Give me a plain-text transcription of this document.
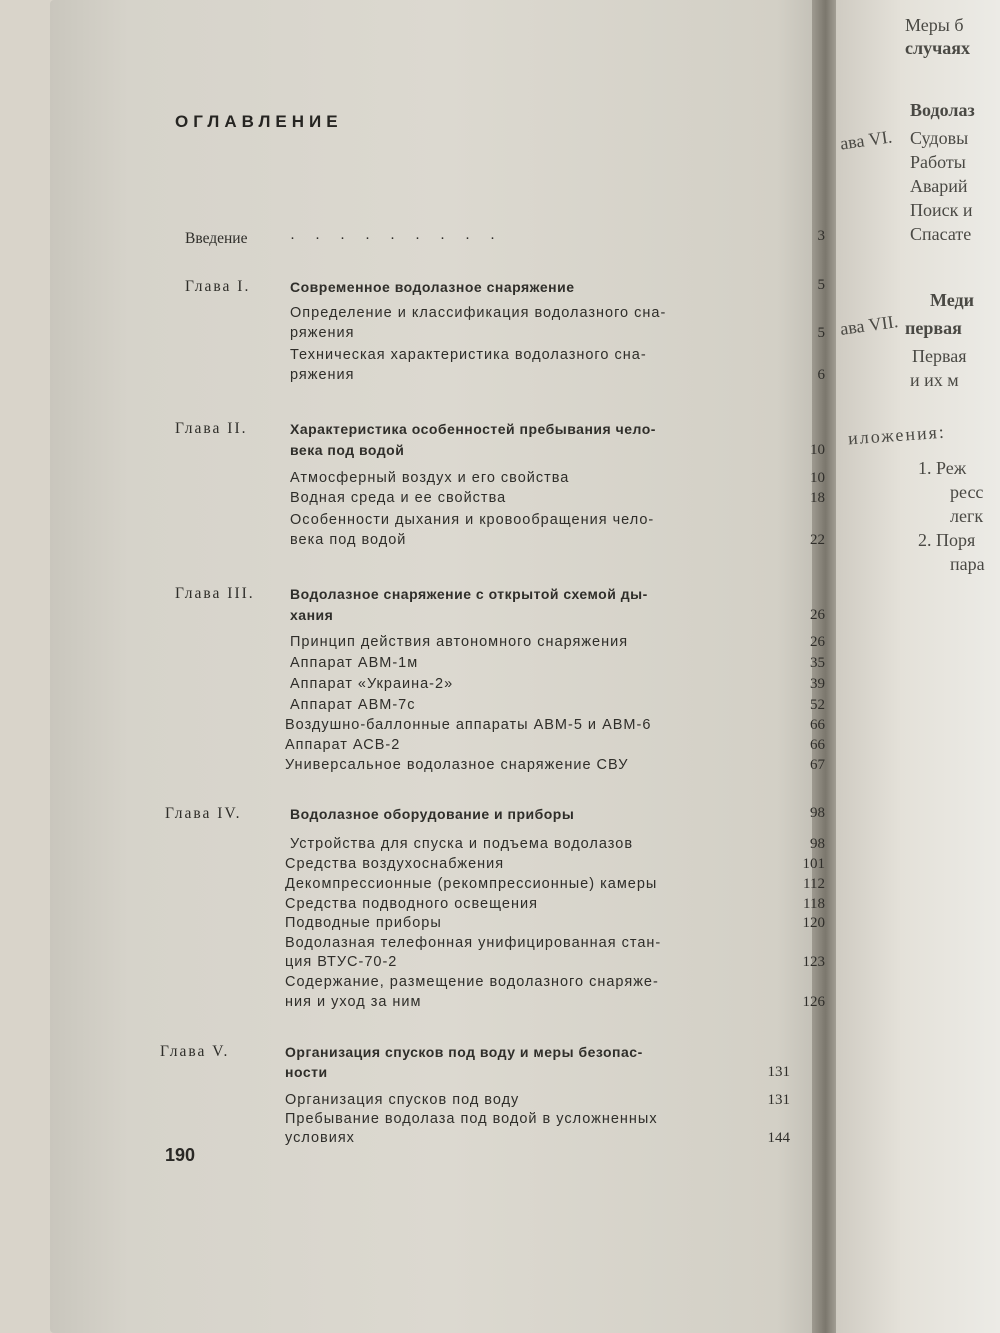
ОГЛАВЛЕНИЕ
Введение	·········	3
Глава I.	Современное водолазное снаряжение	5
Определение и классификация водолазного сна-
ряжения	5
Техническая характеристика водолазного сна-
ряжения	6
Глава II.	Характеристика особенностей пребывания чело-
века под водой	10
Атмосферный воздух и его свойства	10
Водная среда и ее свойства	18
Особенности дыхания и кровообращения чело-
века под водой	22
Глава III.	Водолазное снаряжение с открытой схемой ды-
хания	26
Принцип действия автономного снаряжения	26
Аппарат АВМ-1м	35
Аппарат «Украина-2»	39
Аппарат АВМ-7с	52
Воздушно-баллонные аппараты АВМ-5 и АВМ-6	66
Аппарат АСВ-2	66
Универсальное водолазное снаряжение СВУ	67
Глава IV.	Водолазное оборудование и приборы	98
Устройства для спуска и подъема водолазов	98
Средства воздухоснабжения	101
Декомпрессионные (рекомпрессионные) камеры	112
Средства подводного освещения	118
Подводные приборы	120
Водолазная телефонная унифицированная стан-
ция ВТУС-70-2	123
Содержание, размещение водолазного снаряже-
ния и уход за ним	126
Глава V.	Организация спусков под воду и меры безопас-
ности	131
Организация спусков под воду	131
Пребывание водолаза под водой в усложненных
условиях	144
190
Меры б
случаях
ава VI.
Водолаз
Судовы
Работы
Аварий
Поиск и
Спасате
ава VII.
Меди
первая
Первая
и их м
иложения:
1. Реж
ресс
легк
2. Поря
пара
